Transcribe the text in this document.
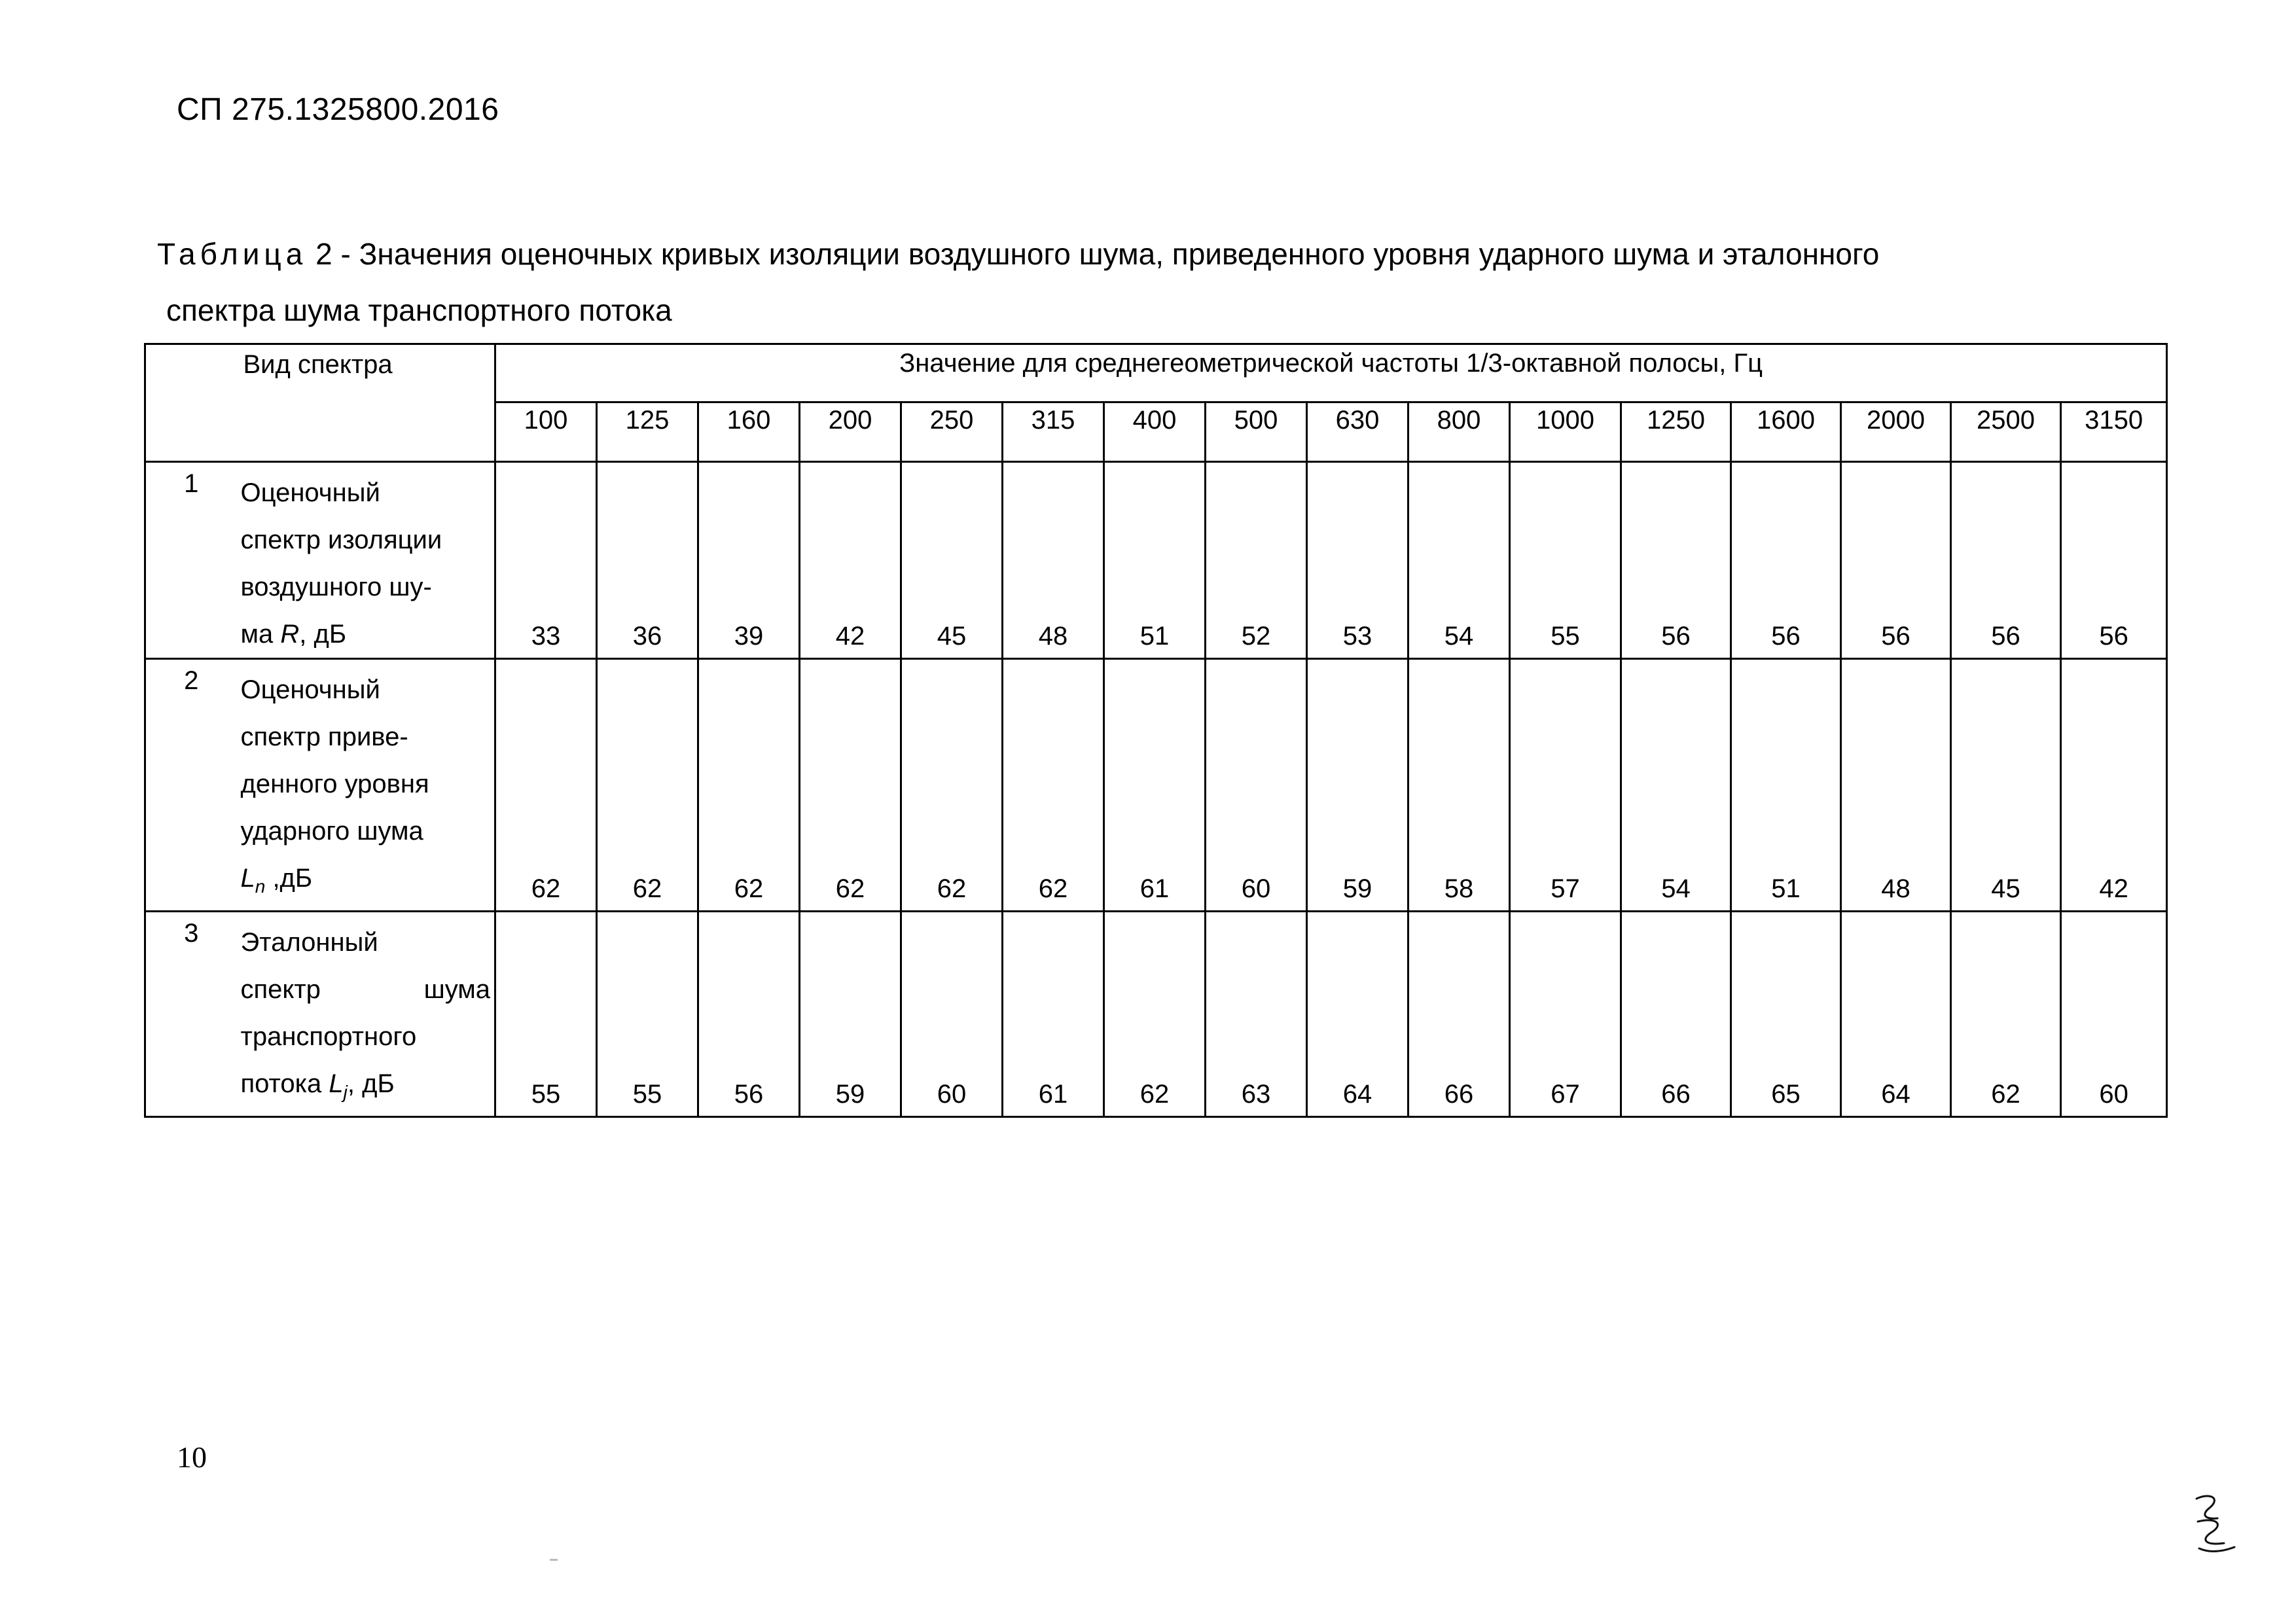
СП 275.1325800.2016
Таблица 2 - Значения оценочных кривых изоляции воздушного шума, приведенного уровня ударного шума и эталонного
спектра шума транспортного потока
	Вид спектра	Значение для среднегеометрической частоты 1/3-октавной полосы, Гц															
		100	125	160	200	250	315	400	500	630	800	1000	1250	1600	2000	2500	3150
1	Оценочный
спектр изоляции
воздушного шу-
ма R, дБ	33	36	39	42	45	48	51	52	53	54	55	56	56	56	56	56
2	Оценочный
спектр приве-
денного уровня
ударного шума
$L_n$ ,дБ	62	62	62	62	62	62	61	60	59	58	57	54	51	48	45	42
3	Эталонный
спектр шума
транспортного
потока $L_j$, дБ	55	55	56	59	60	61	62	63	64	66	67	66	65	64	62	60
10
